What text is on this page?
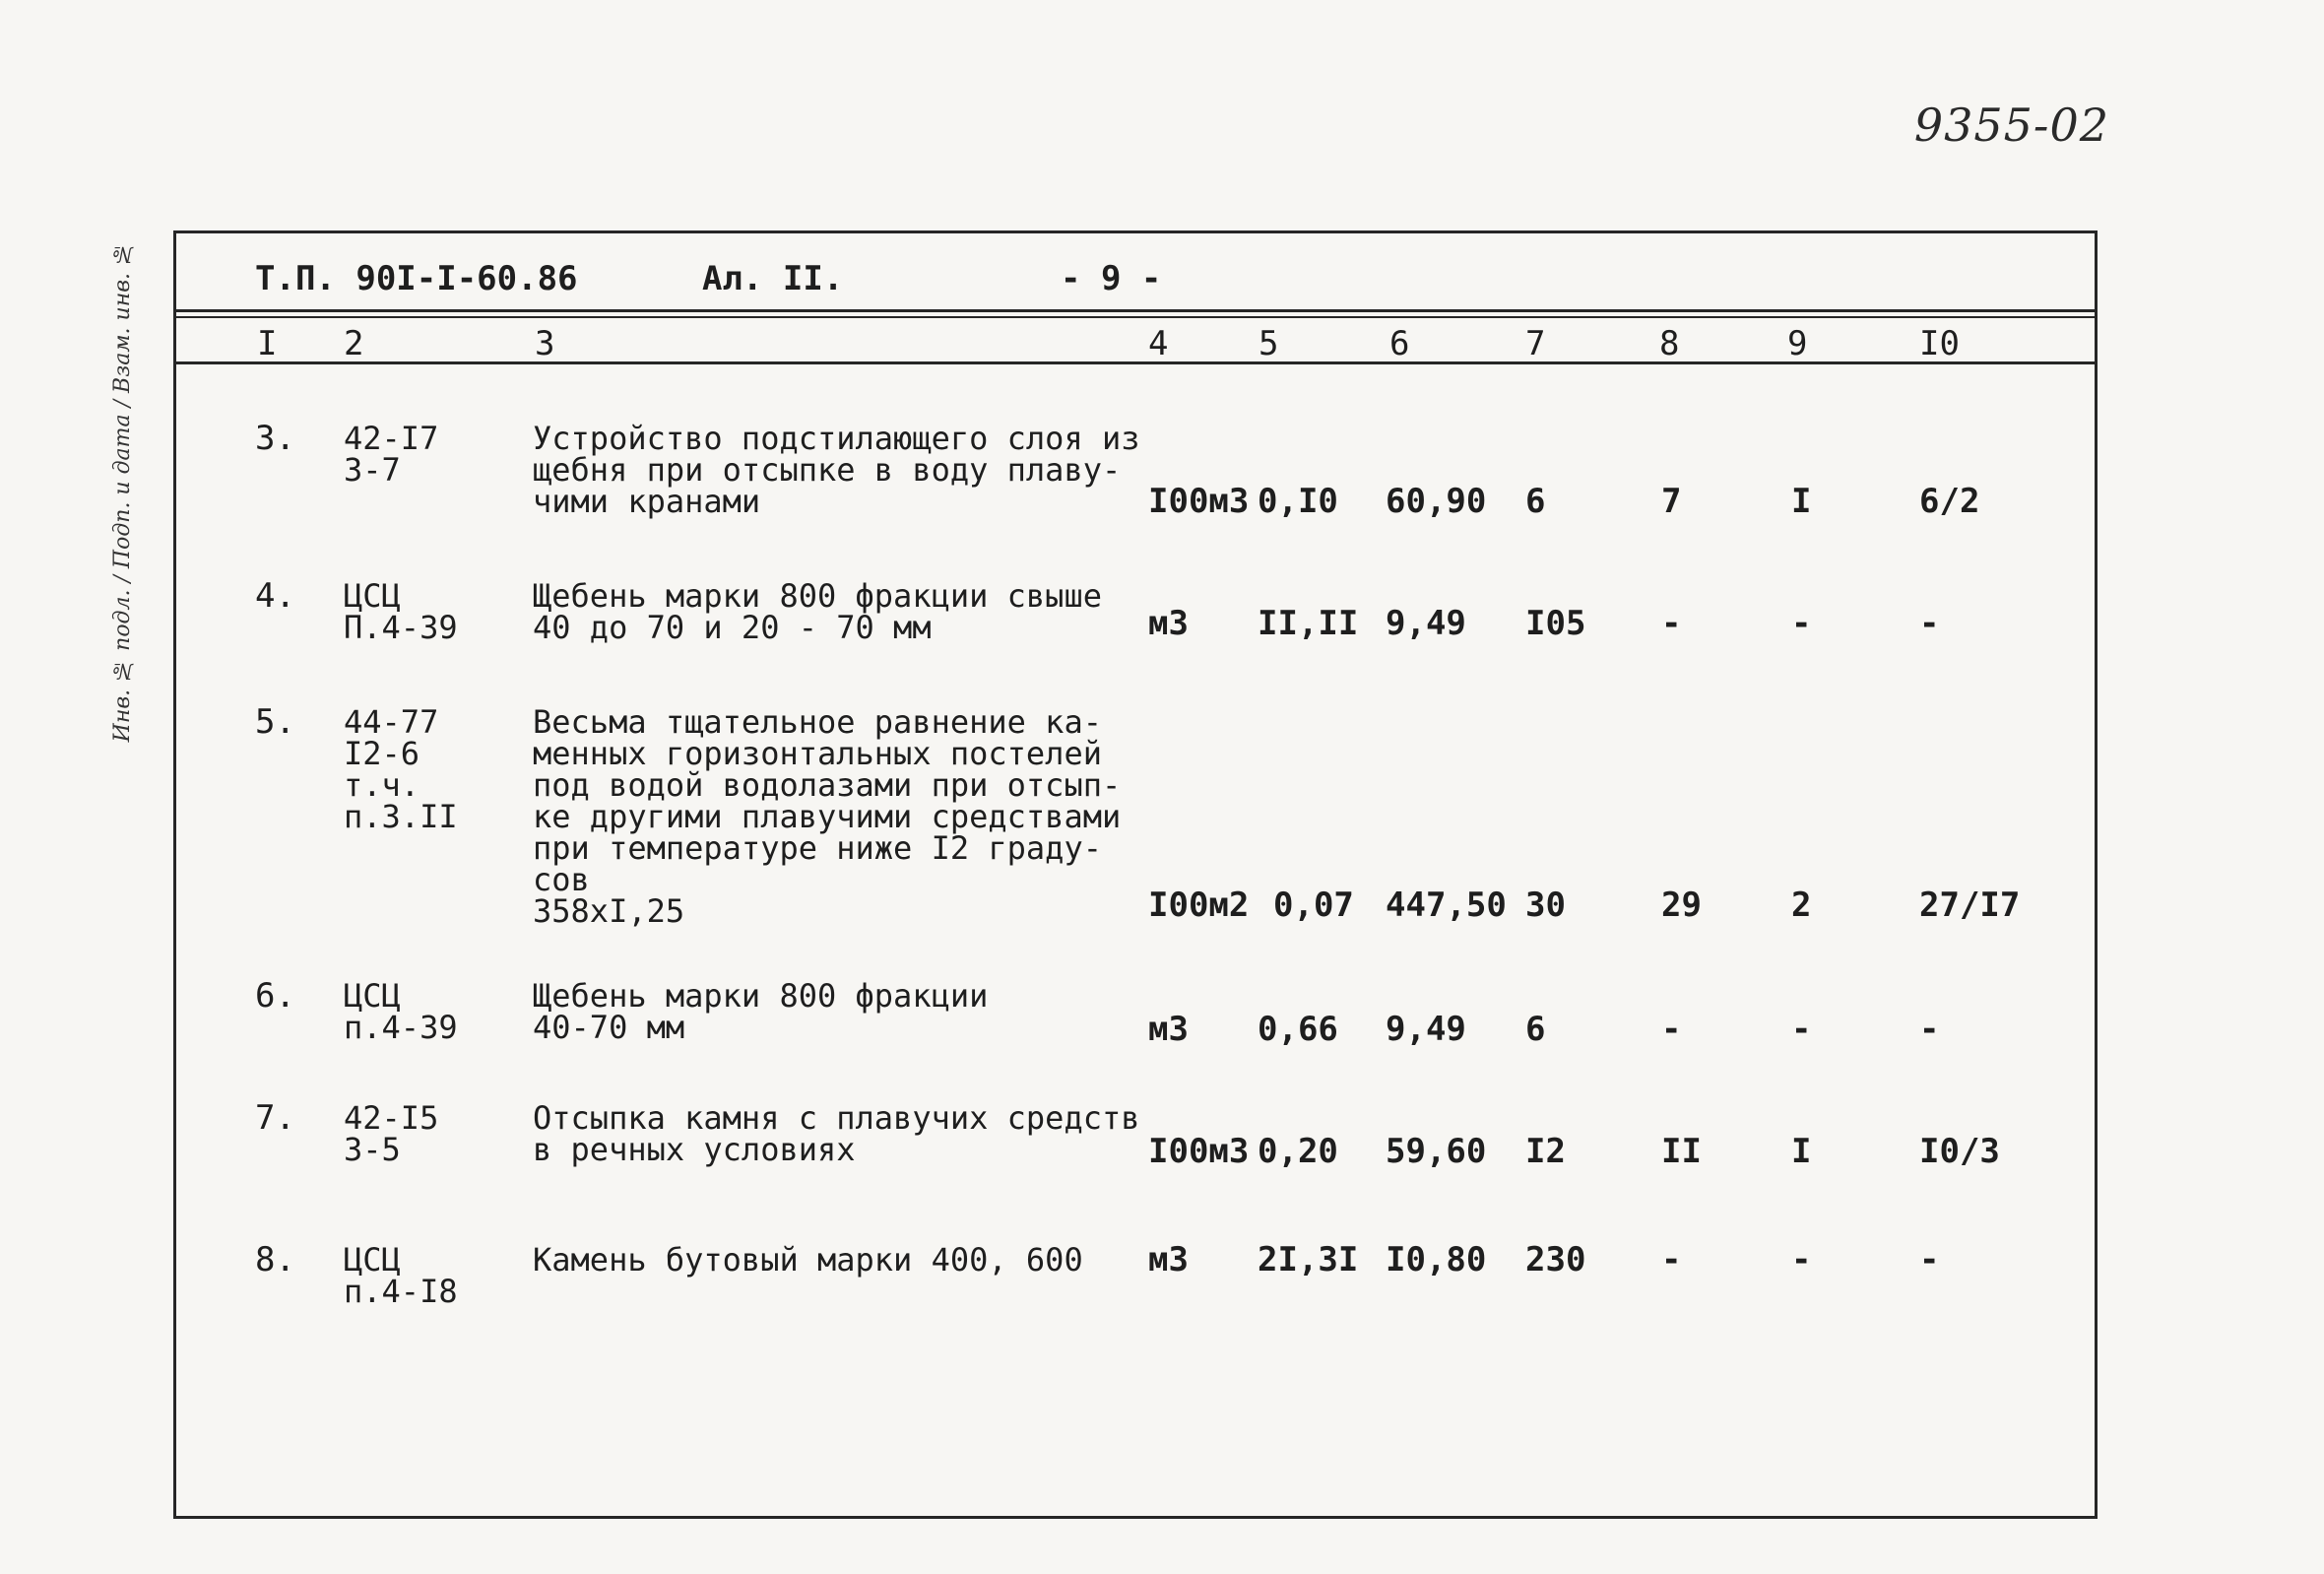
9355-02
Инв. № подл. / Подп. и дата / Взам. инв. №	Т.П. 90I-I-60.86	Ал. II.	- 9 -
I 2	3	4	5	6	7	8	9	I0
3. 42-I7
3-7
Устройство подстилающего слоя из
щебня при отсыпке в воду плаву-
чими кранами	I00м3 0,I0 60,90 6	7	I	6/2
4. ЦСЦ
П.4-39
Щебень марки 800 фракции свыше
40 до 70 и 20 - 70 мм	м3 II,II 9,49 I05 -	-	-
5. 44-77
I2-6
т.ч.
п.3.II
Весьма тщательное равнение ка-
менных горизонтальных постелей
под водой водолазами при отсып-
ке другими плавучими средствами
при температуре ниже I2 граду-
сов
358хI,25	I00м2 0,07 447,50 30	29	2	27/I7
6. ЦСЦ
п.4-39
Щебень марки 800 фракции
40-70 мм	м3 0,66 9,49 6	-	-	-
7. 42-I5
3-5
Отсыпка камня с плавучих средств
в речных условиях	I00м3 0,20 59,60 I2	II	I	I0/3
8. ЦСЦ
п.4-I8
Камень бутовый марки 400, 600 м3 2I,3I I0,80 230 -	-	-
